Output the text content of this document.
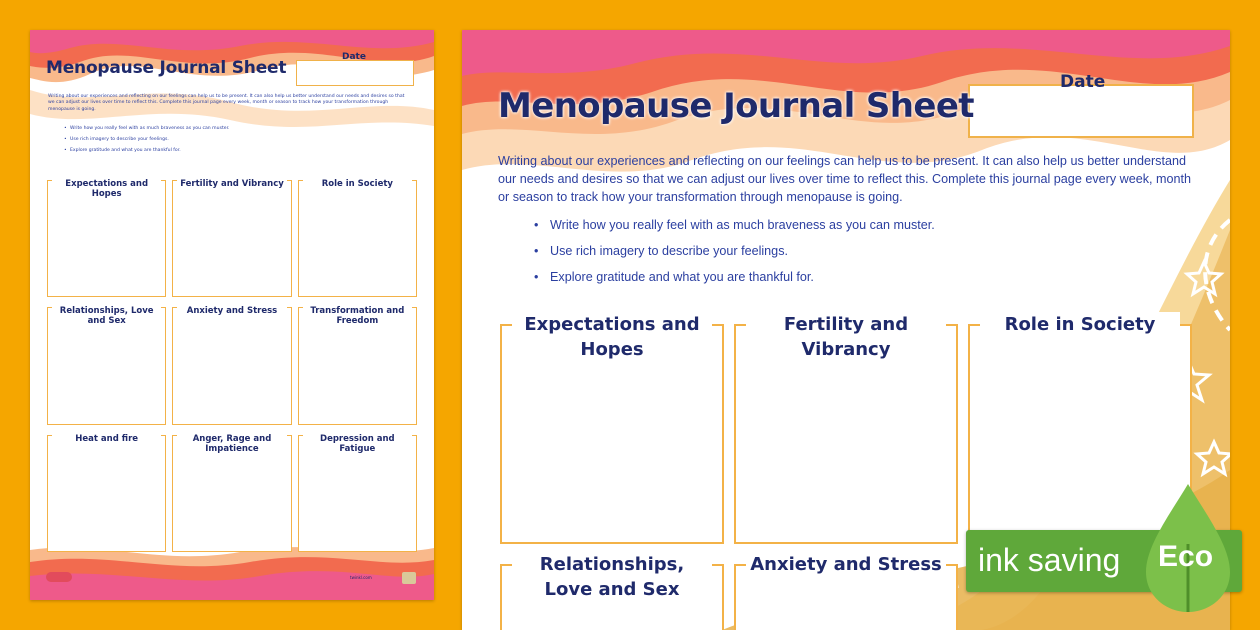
Date
Menopause Journal Sheet
Writing about our experiences and reflecting on our feelings can help us to be present. It can also help us better understand our needs and desires so that we can adjust our lives over time to reflect this. Complete this journal page every week, month or season to track how your transformation through menopause is going.
• Write how you really feel with as much braveness as you can muster.
• Use rich imagery to describe your feelings.
• Explore gratitude and what you are thankful for.
Expectations and Hopes
Fertility and Vibrancy	Role in Society
Relationships, Love and Sex
Anxiety and Stress	Transformation and Freedom
Heat and fire	Anger, Rage and Impatience
Depression and Fatigue
twinkl.com
Date
Menopause Journal Sheet
Writing about our experiences and reflecting on our feelings can help us to be present. It can also help us better understand our needs and desires so that we can adjust our lives over time to reflect this. Complete this journal page every week, month or season to track how your transformation through menopause is going.
• Write how you really feel with as much braveness as you can muster.
• Use rich imagery to describe your feelings.
• Explore gratitude and what you are thankful for.
Expectations and Hopes
Fertility and Vibrancy
Role in Society
Relationships, Love and Sex
Anxiety and Stress ink saving Eco
